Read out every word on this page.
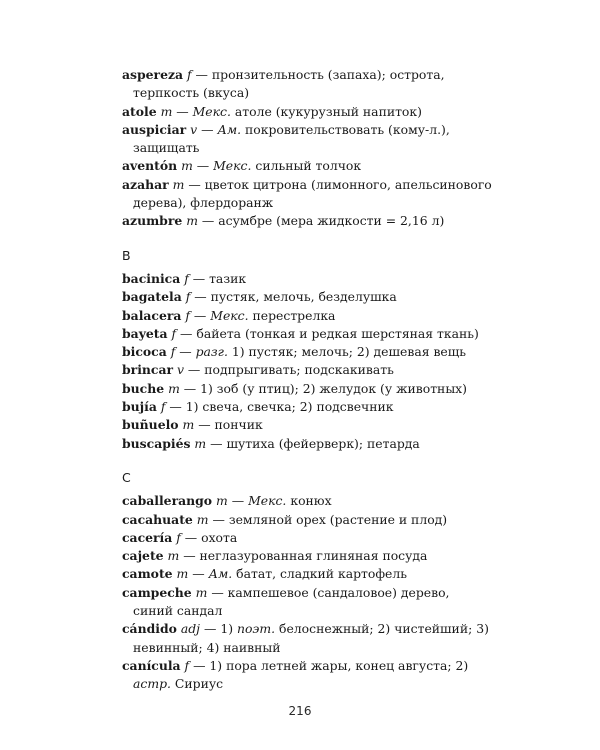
aspereza f — пронзительность (запаха); острота, терпкость (вкуса)

atole m — Мекс. атоле (кукурузный напиток)

auspiciar v — Ам. покровительствовать (кому-л.), защищать

aventón m — Мекс. сильный толчок

azahar m — цветок цитрона (лимонного, апельсинового дерева), флердоранж

azumbre m — асумбре (мера жидкости = 2,16 л)

B

bacinica f — тазик

bagatela f — пустяк, мелочь, безделушка

balacera f — Мекс. перестрелка

bayeta f — байета (тонкая и редкая шерстяная ткань)

bicoca f — разг. 1) пустяк; мелочь; 2) дешевая вещь

brincar v — подпрыгивать; подскакивать

buche m — 1) зоб (у птиц); 2) желудок (у животных)

bujía f — 1) свеча, свечка; 2) подсвечник

buñuelo m — пончик

buscapiés m — шутиха (фейерверк); петарда

C

caballerango m — Мекс. конюх

cacahuate m — земляной орех (растение и плод)

cacería f — охота

cajete m — неглазурованная глиняная посуда

camote m — Ам. батат, сладкий картофель

campeche m — кампешевое (сандаловое) дерево, синий сандал

cándido adj — 1) поэт. белоснежный; 2) чистейший; 3) невинный; 4) наивный

canícula f — 1) пора летней жары, конец августа; 2) астр. Сириус

216
